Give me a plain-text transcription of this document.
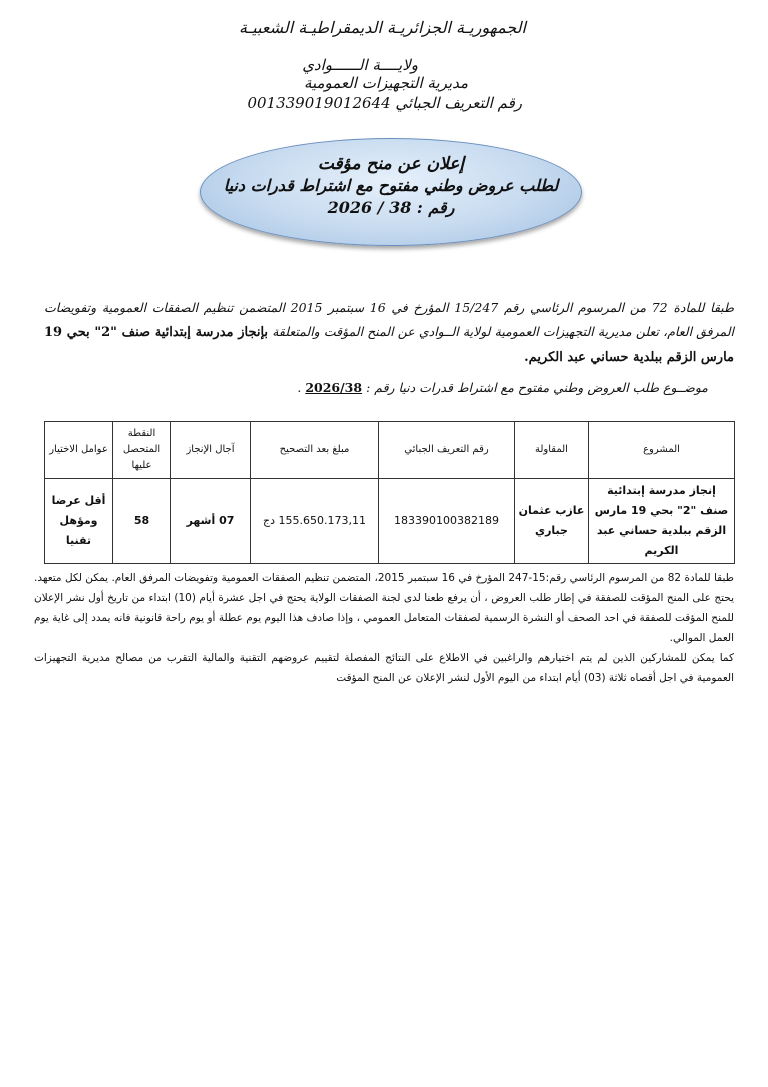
الجمهوريـة الجزائريـة الديمقراطيـة الشعبيـة
ولايــــة الــــــوادي
مديرية التجهيزات العمومية
رقم التعريف الجبائي 001339019012644
إعلان عن منح مؤقت
لطلب عروض وطني مفتوح مع اشتراط قدرات دنيا
رقم : 38 / 2026
طبقا للمادة 72 من المرسوم الرئاسي رقم 15/247 المؤرخ في 16 سبتمبر 2015 المتضمن تنظيم الصفقات العمومية وتفويضات المرفق العام، تعلن مديرية التجهيزات العمومية لولاية الــوادي عن المنح المؤقت والمتعلقة بإنجاز مدرسة إبتدائية صنف "2" بحي 19 مارس الزقم ببلدية حساني عبد الكريم.
موضــوع طلب العروض وطني مفتوح مع اشتراط قدرات دنيا رقم : 2026/38 .
المشروع	المقاولة	رقم التعريف الجبائي	مبلغ بعد التصحيح	آجال الإنجاز	النقطة المتحصل عليها	عوامل الاختيار
إنجاز مدرسة إبتدائية صنف "2" بحي 19 مارس الزقم ببلدية حساني عبد الكريم	عازب عثمان جباري	183390100382189	155.650.173,11 دج	07 أشهر	58	أقل عرضا ومؤهل تقنيا

طبقا للمادة 82 من المرسوم الرئاسي رقم:15-247 المؤرخ في 16 سبتمبر 2015، المتضمن تنظيم الصفقات العمومية وتفويضات المرفق العام. يمكن لكل متعهد. يحتج على المنح المؤقت للصفقة في إطار طلب العروض ، أن يرفع طعنا لدى لجنة الصفقات الولاية يحتج في اجل عشرة أيام (10) ابتداء من تاريخ أول نشر الإعلان للمنح المؤقت للصفقة في احد الصحف أو النشرة الرسمية لصفقات المتعامل العمومي ، وإذا صادف هذا اليوم يوم عطلة أو يوم راحة قانونية فانه يمدد إلى غاية يوم العمل الموالي.

كما يمكن للمشاركين الذين لم يتم اختيارهم والراغبين في الاطلاع على النتائج المفصلة لتقييم عروضهم التقنية والمالية التقرب من مصالح مديرية التجهيزات العمومية في اجل أقصاه ثلاثة (03) أيام ابتداء من اليوم الأول لنشر الإعلان عن المنح المؤقت
